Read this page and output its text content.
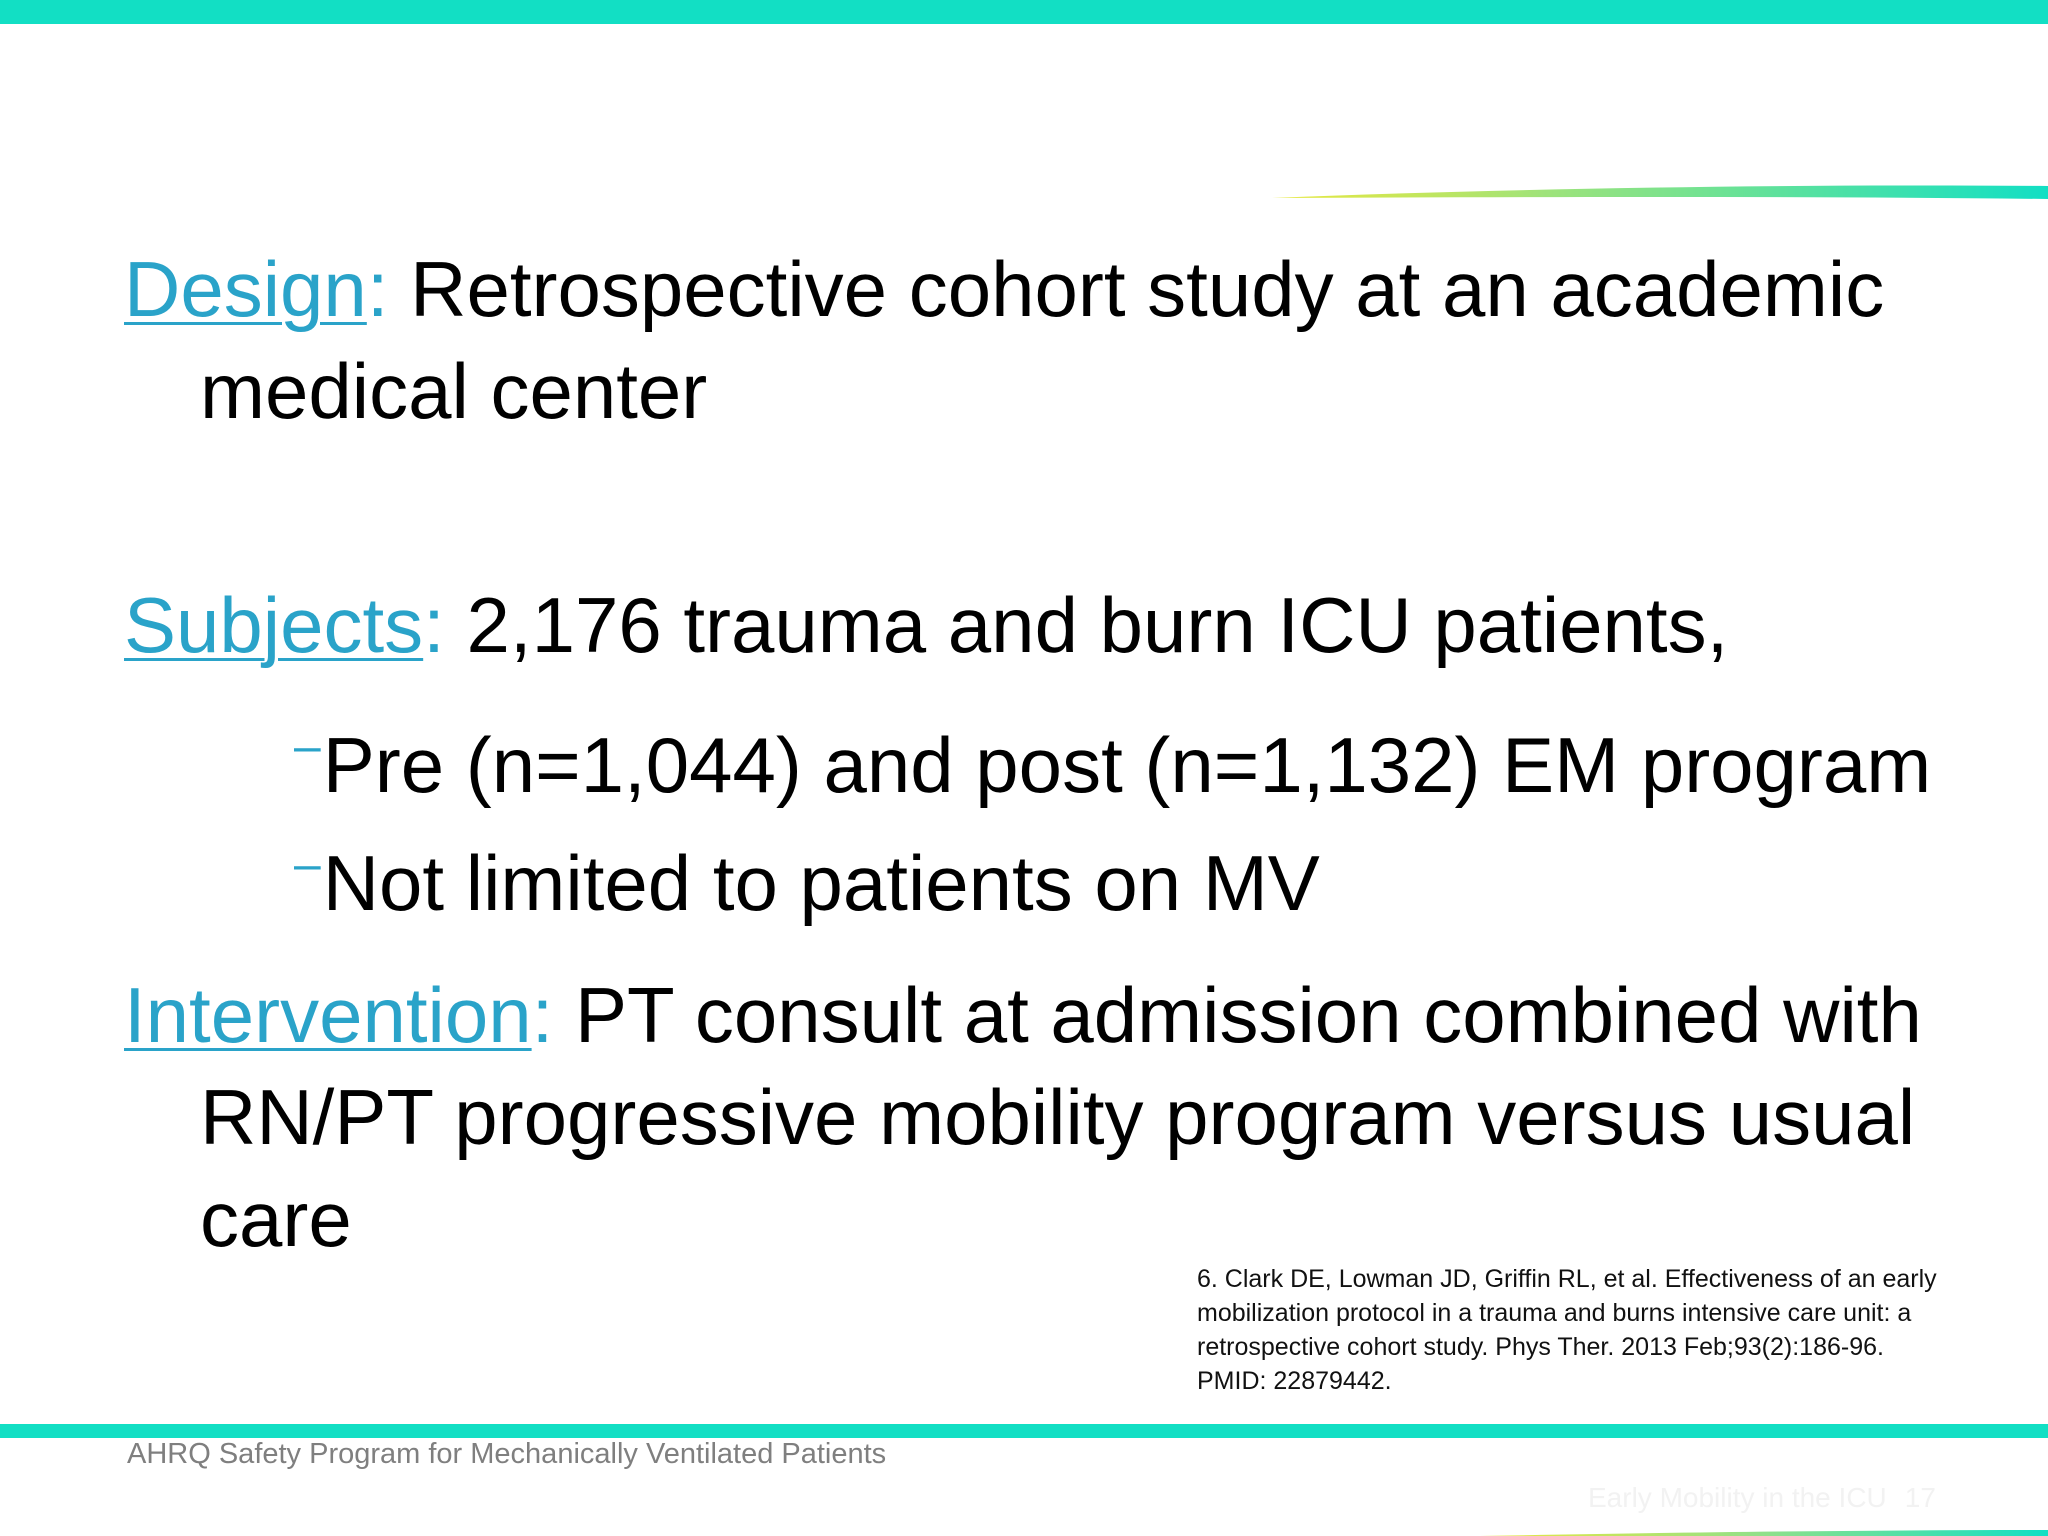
Design: Retrospective cohort study at an academic
medical center

Subjects: 2,176 trauma and burn ICU patients,

–Pre (n=1,044) and post (n=1,132) EM program
–Not limited to patients on MV

Intervention: PT consult at admission combined with
RN/PT progressive mobility program versus usual
care

6. Clark DE, Lowman JD, Griffin RL, et al. Effectiveness of an early
mobilization protocol in a trauma and burns intensive care unit: a
retrospective cohort study. Phys Ther. 2013 Feb;93(2):186-96.
PMID: 22879442.
AHRQ Safety Program for Mechanically Ventilated Patients
Early Mobility in the ICU 17
